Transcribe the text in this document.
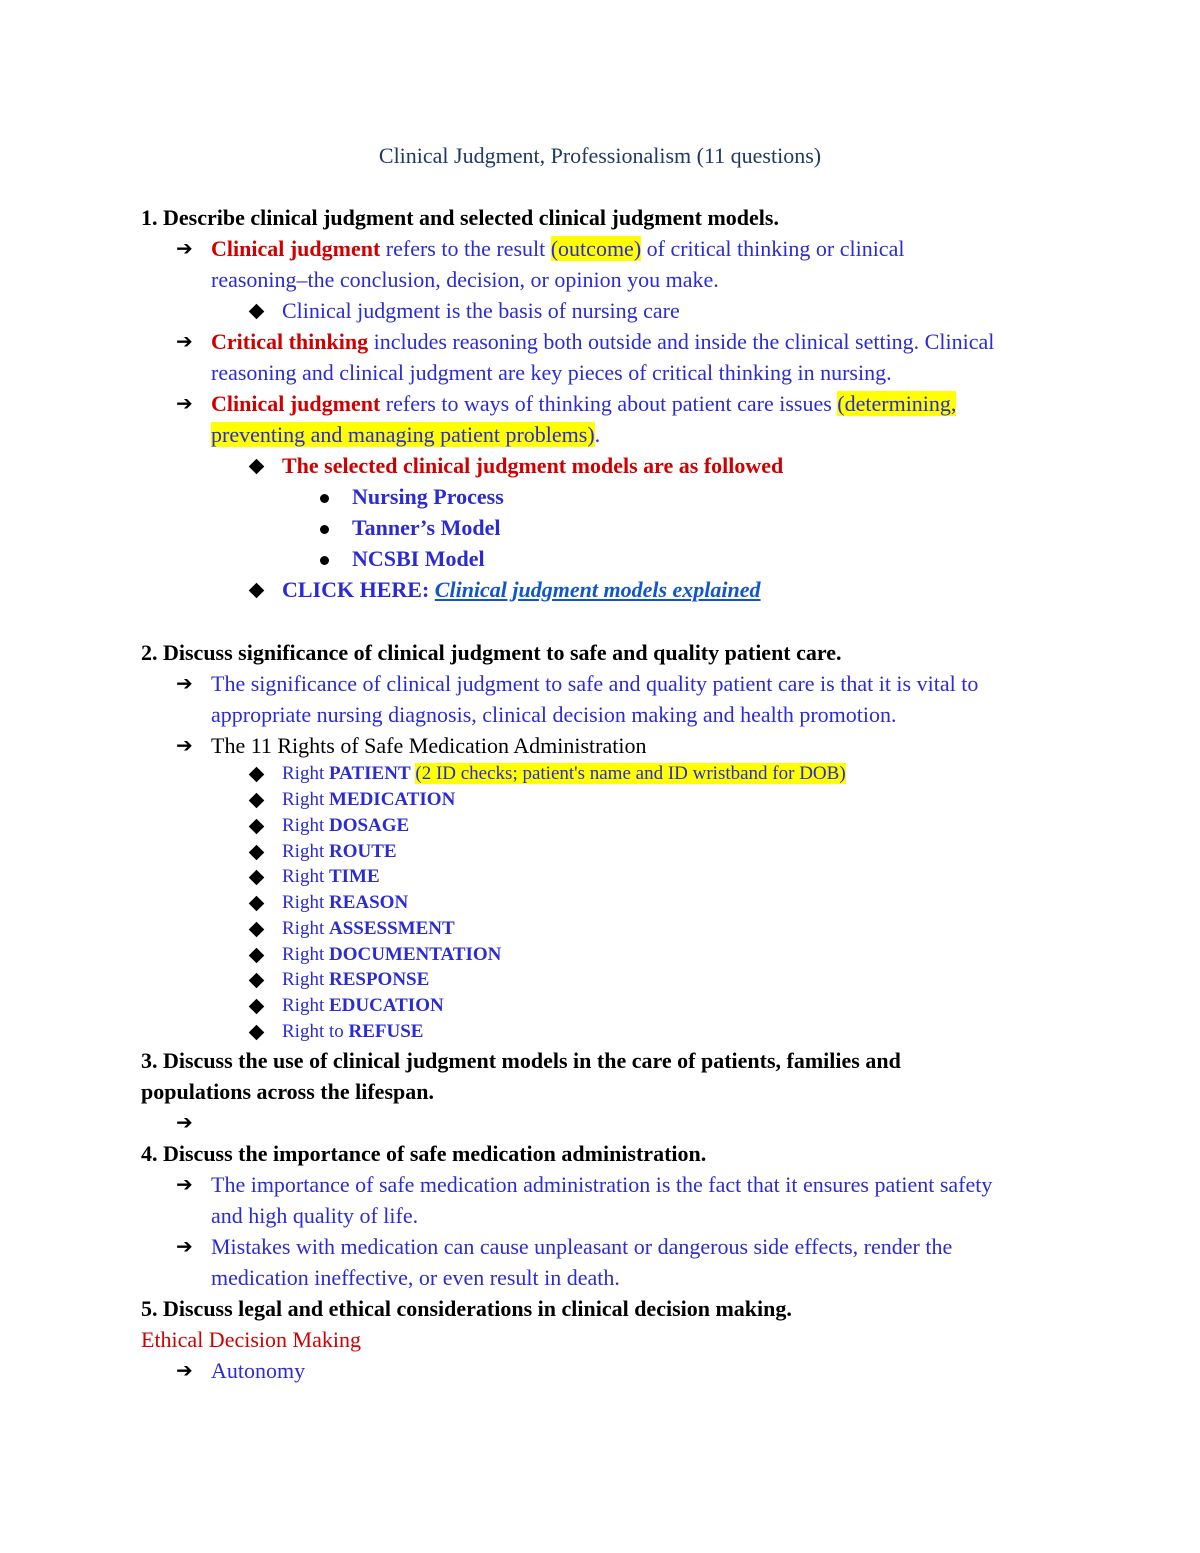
Clinical Judgment, Professionalism (11 questions)
1. Describe clinical judgment and selected clinical judgment models.
➔ Clinical judgment refers to the result (outcome) of critical thinking or clinical
reasoning–the conclusion, decision, or opinion you make.
Clinical judgment is the basis of nursing care
➔ Critical thinking includes reasoning both outside and inside the clinical setting. Clinical
reasoning and clinical judgment are key pieces of critical thinking in nursing.
➔ Clinical judgment refers to ways of thinking about patient care issues (determining,
preventing and managing patient problems).
The selected clinical judgment models are as followed
Nursing Process
Tanner’s Model
NCSBI Model
CLICK HERE: Clinical judgment models explained
2. Discuss significance of clinical judgment to safe and quality patient care.
➔ The significance of clinical judgment to safe and quality patient care is that it is vital to
appropriate nursing diagnosis, clinical decision making and health promotion.
➔ The 11 Rights of Safe Medication Administration
Right PATIENT (2 ID checks; patient's name and ID wristband for DOB)
Right MEDICATION
Right DOSAGE
Right ROUTE
Right TIME
Right REASON
Right ASSESSMENT
Right DOCUMENTATION
Right RESPONSE
Right EDUCATION
Right to REFUSE
3. Discuss the use of clinical judgment models in the care of patients, families and
populations across the lifespan.
➔
4. Discuss the importance of safe medication administration.
➔ The importance of safe medication administration is the fact that it ensures patient safety
and high quality of life.
➔ Mistakes with medication can cause unpleasant or dangerous side effects, render the
medication ineffective, or even result in death.
5. Discuss legal and ethical considerations in clinical decision making.
Ethical Decision Making
➔ Autonomy
